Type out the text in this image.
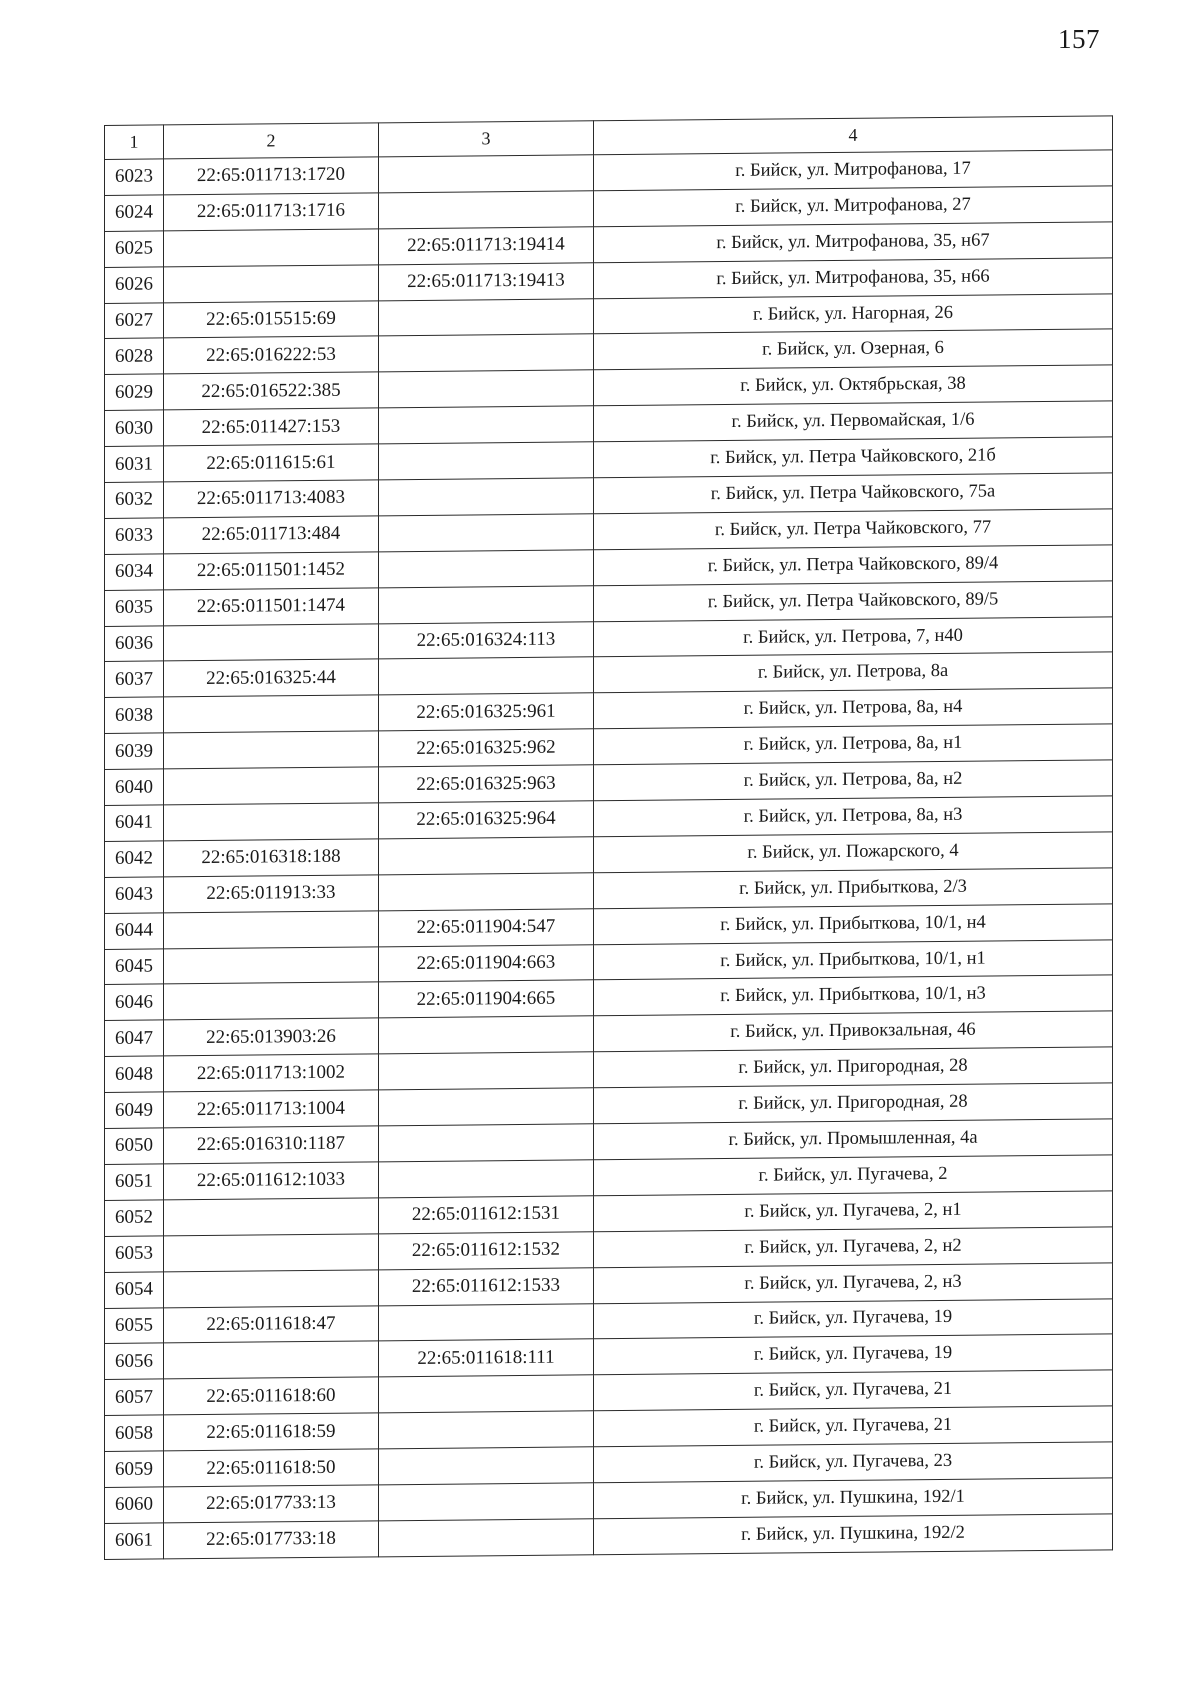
157
1	2	3	4
6023	22:65:011713:1720		г. Бийск, ул. Митрофанова, 17
6024	22:65:011713:1716		г. Бийск, ул. Митрофанова, 27
6025		22:65:011713:19414	г. Бийск, ул. Митрофанова, 35, н67
6026		22:65:011713:19413	г. Бийск, ул. Митрофанова, 35, н66
6027	22:65:015515:69		г. Бийск, ул. Нагорная, 26
6028	22:65:016222:53		г. Бийск, ул. Озерная, 6
6029	22:65:016522:385		г. Бийск, ул. Октябрьская, 38
6030	22:65:011427:153		г. Бийск, ул. Первомайская, 1/6
6031	22:65:011615:61		г. Бийск, ул. Петра Чайковского, 21б
6032	22:65:011713:4083		г. Бийск, ул. Петра Чайковского, 75а
6033	22:65:011713:484		г. Бийск, ул. Петра Чайковского, 77
6034	22:65:011501:1452		г. Бийск, ул. Петра Чайковского, 89/4
6035	22:65:011501:1474		г. Бийск, ул. Петра Чайковского, 89/5
6036		22:65:016324:113	г. Бийск, ул. Петрова, 7, н40
6037	22:65:016325:44		г. Бийск, ул. Петрова, 8а
6038		22:65:016325:961	г. Бийск, ул. Петрова, 8а, н4
6039		22:65:016325:962	г. Бийск, ул. Петрова, 8а, н1
6040		22:65:016325:963	г. Бийск, ул. Петрова, 8а, н2
6041		22:65:016325:964	г. Бийск, ул. Петрова, 8а, н3
6042	22:65:016318:188		г. Бийск, ул. Пожарского, 4
6043	22:65:011913:33		г. Бийск, ул. Прибыткова, 2/3
6044		22:65:011904:547	г. Бийск, ул. Прибыткова, 10/1, н4
6045		22:65:011904:663	г. Бийск, ул. Прибыткова, 10/1, н1
6046		22:65:011904:665	г. Бийск, ул. Прибыткова, 10/1, н3
6047	22:65:013903:26		г. Бийск, ул. Привокзальная, 46
6048	22:65:011713:1002		г. Бийск, ул. Пригородная, 28
6049	22:65:011713:1004		г. Бийск, ул. Пригородная, 28
6050	22:65:016310:1187		г. Бийск, ул. Промышленная, 4а
6051	22:65:011612:1033		г. Бийск, ул. Пугачева, 2
6052		22:65:011612:1531	г. Бийск, ул. Пугачева, 2, н1
6053		22:65:011612:1532	г. Бийск, ул. Пугачева, 2, н2
6054		22:65:011612:1533	г. Бийск, ул. Пугачева, 2, н3
6055	22:65:011618:47		г. Бийск, ул. Пугачева, 19
6056		22:65:011618:111	г. Бийск, ул. Пугачева, 19
6057	22:65:011618:60		г. Бийск, ул. Пугачева, 21
6058	22:65:011618:59		г. Бийск, ул. Пугачева, 21
6059	22:65:011618:50		г. Бийск, ул. Пугачева, 23
6060	22:65:017733:13		г. Бийск, ул. Пушкина, 192/1
6061	22:65:017733:18		г. Бийск, ул. Пушкина, 192/2
